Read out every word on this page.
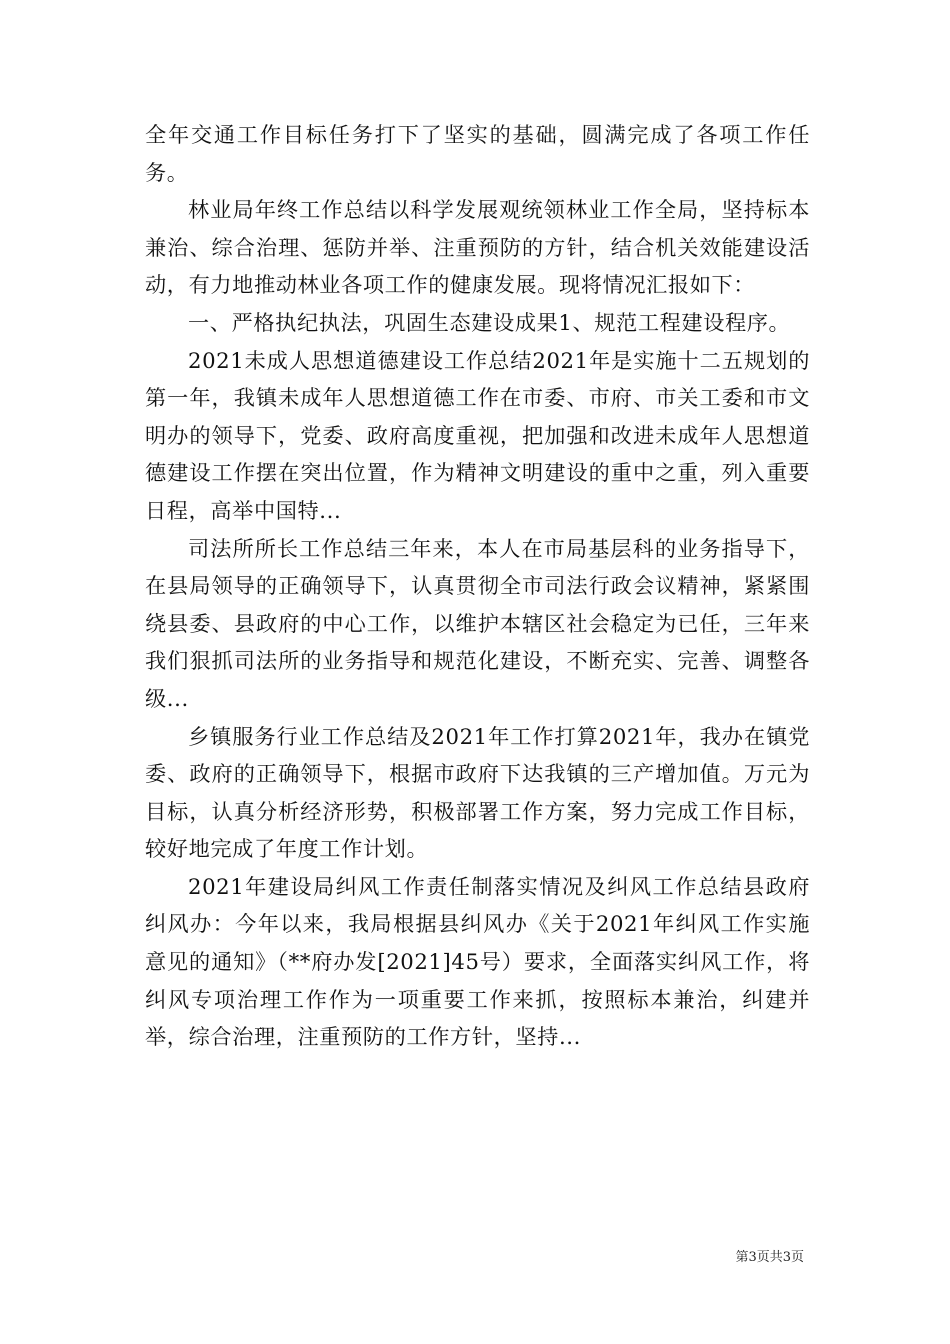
全年交通工作目标任务打下了坚实的基础，圆满完成了各项工作任务。

林业局年终工作总结以科学发展观统领林业工作全局，坚持标本兼治、综合治理、惩防并举、注重预防的方针，结合机关效能建设活动，有力地推动林业各项工作的健康发展。现将情况汇报如下：

一、严格执纪执法，巩固生态建设成果1、规范工程建设程序。

2021未成人思想道德建设工作总结2021年是实施十二五规划的第一年，我镇未成年人思想道德工作在市委、市府、市关工委和市文明办的领导下，党委、政府高度重视，把加强和改进未成年人思想道德建设工作摆在突出位置，作为精神文明建设的重中之重，列入重要日程，高举中国特...

司法所所长工作总结三年来，本人在市局基层科的业务指导下，在县局领导的正确领导下，认真贯彻全市司法行政会议精神，紧紧围绕县委、县政府的中心工作，以维护本辖区社会稳定为已任，三年来我们狠抓司法所的业务指导和规范化建设，不断充实、完善、调整各级...

乡镇服务行业工作总结及2021年工作打算2021年，我办在镇党委、政府的正确领导下，根据市政府下达我镇的三产增加值。万元为目标，认真分析经济形势，积极部署工作方案，努力完成工作目标，较好地完成了年度工作计划。

2021年建设局纠风工作责任制落实情况及纠风工作总结县政府纠风办：今年以来，我局根据县纠风办《关于2021年纠风工作实施意见的通知》（**府办发[2021]45号）要求，全面落实纠风工作，将纠风专项治理工作作为一项重要工作来抓，按照标本兼治，纠建并举，综合治理，注重预防的工作方针，坚持...

第3页共3页
